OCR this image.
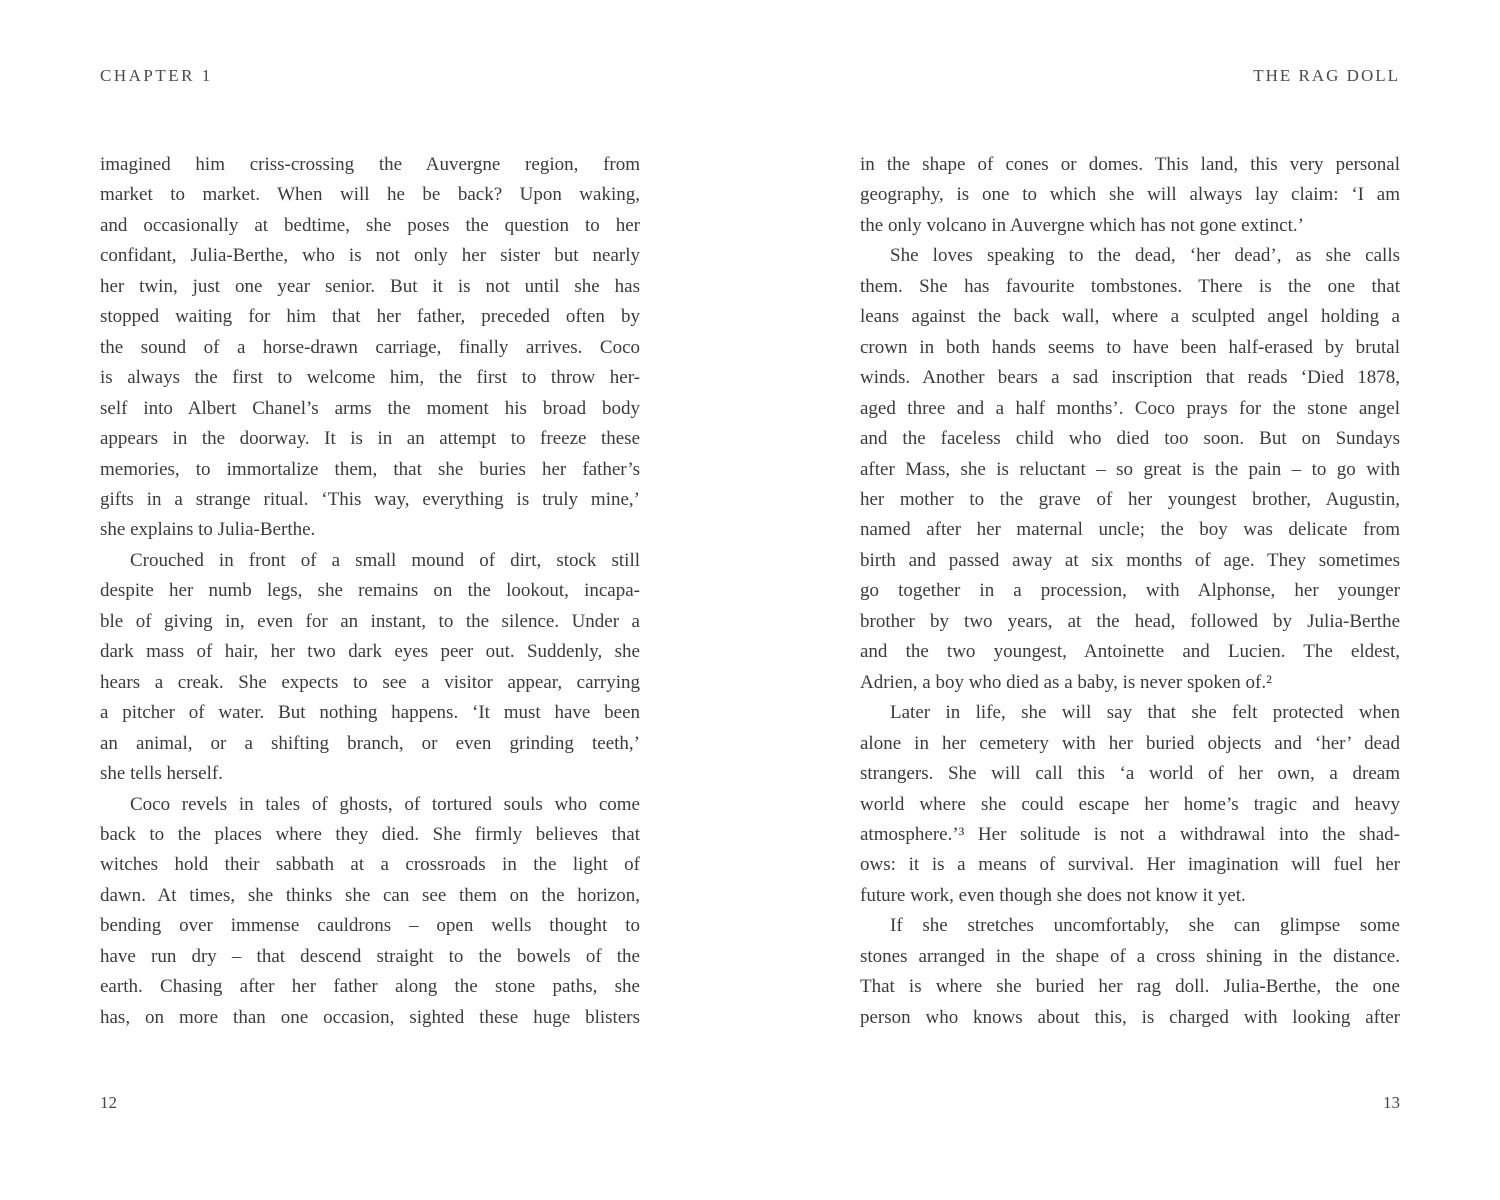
CHAPTER 1
imagined him criss-crossing the Auvergne region, from
market to market. When will he be back? Upon waking,
and occasionally at bedtime, she poses the question to her
confidant, Julia-Berthe, who is not only her sister but nearly
her twin, just one year senior. But it is not until she has
stopped waiting for him that her father, preceded often by
the sound of a horse-drawn carriage, finally arrives. Coco
is always the first to welcome him, the first to throw her-
self into Albert Chanel’s arms the moment his broad body
appears in the doorway. It is in an attempt to freeze these
memories, to immortalize them, that she buries her father’s
gifts in a strange ritual. ‘This way, everything is truly mine,’
she explains to Julia-Berthe.
Crouched in front of a small mound of dirt, stock still
despite her numb legs, she remains on the lookout, incapa-
ble of giving in, even for an instant, to the silence. Under a
dark mass of hair, her two dark eyes peer out. Suddenly, she
hears a creak. She expects to see a visitor appear, carrying
a pitcher of water. But nothing happens. ‘It must have been
an animal, or a shifting branch, or even grinding teeth,’
she tells herself.
Coco revels in tales of ghosts, of tortured souls who come
back to the places where they died. She firmly believes that
witches hold their sabbath at a crossroads in the light of
dawn. At times, she thinks she can see them on the horizon,
bending over immense cauldrons – open wells thought to
have run dry – that descend straight to the bowels of the
earth. Chasing after her father along the stone paths, she
has, on more than one occasion, sighted these huge blisters
12
THE RAG DOLL
in the shape of cones or domes. This land, this very personal
geography, is one to which she will always lay claim: ‘I am
the only volcano in Auvergne which has not gone extinct.’
She loves speaking to the dead, ‘her dead’, as she calls
them. She has favourite tombstones. There is the one that
leans against the back wall, where a sculpted angel holding a
crown in both hands seems to have been half-erased by brutal
winds. Another bears a sad inscription that reads ‘Died 1878,
aged three and a half months’. Coco prays for the stone angel
and the faceless child who died too soon. But on Sundays
after Mass, she is reluctant – so great is the pain – to go with
her mother to the grave of her youngest brother, Augustin,
named after her maternal uncle; the boy was delicate from
birth and passed away at six months of age. They sometimes
go together in a procession, with Alphonse, her younger
brother by two years, at the head, followed by Julia-Berthe
and the two youngest, Antoinette and Lucien. The eldest,
Adrien, a boy who died as a baby, is never spoken of.²
Later in life, she will say that she felt protected when
alone in her cemetery with her buried objects and ‘her’ dead
strangers. She will call this ‘a world of her own, a dream
world where she could escape her home’s tragic and heavy
atmosphere.’³ Her solitude is not a withdrawal into the shad-
ows: it is a means of survival. Her imagination will fuel her
future work, even though she does not know it yet.
If she stretches uncomfortably, she can glimpse some
stones arranged in the shape of a cross shining in the distance.
That is where she buried her rag doll. Julia-Berthe, the one
person who knows about this, is charged with looking after
13
